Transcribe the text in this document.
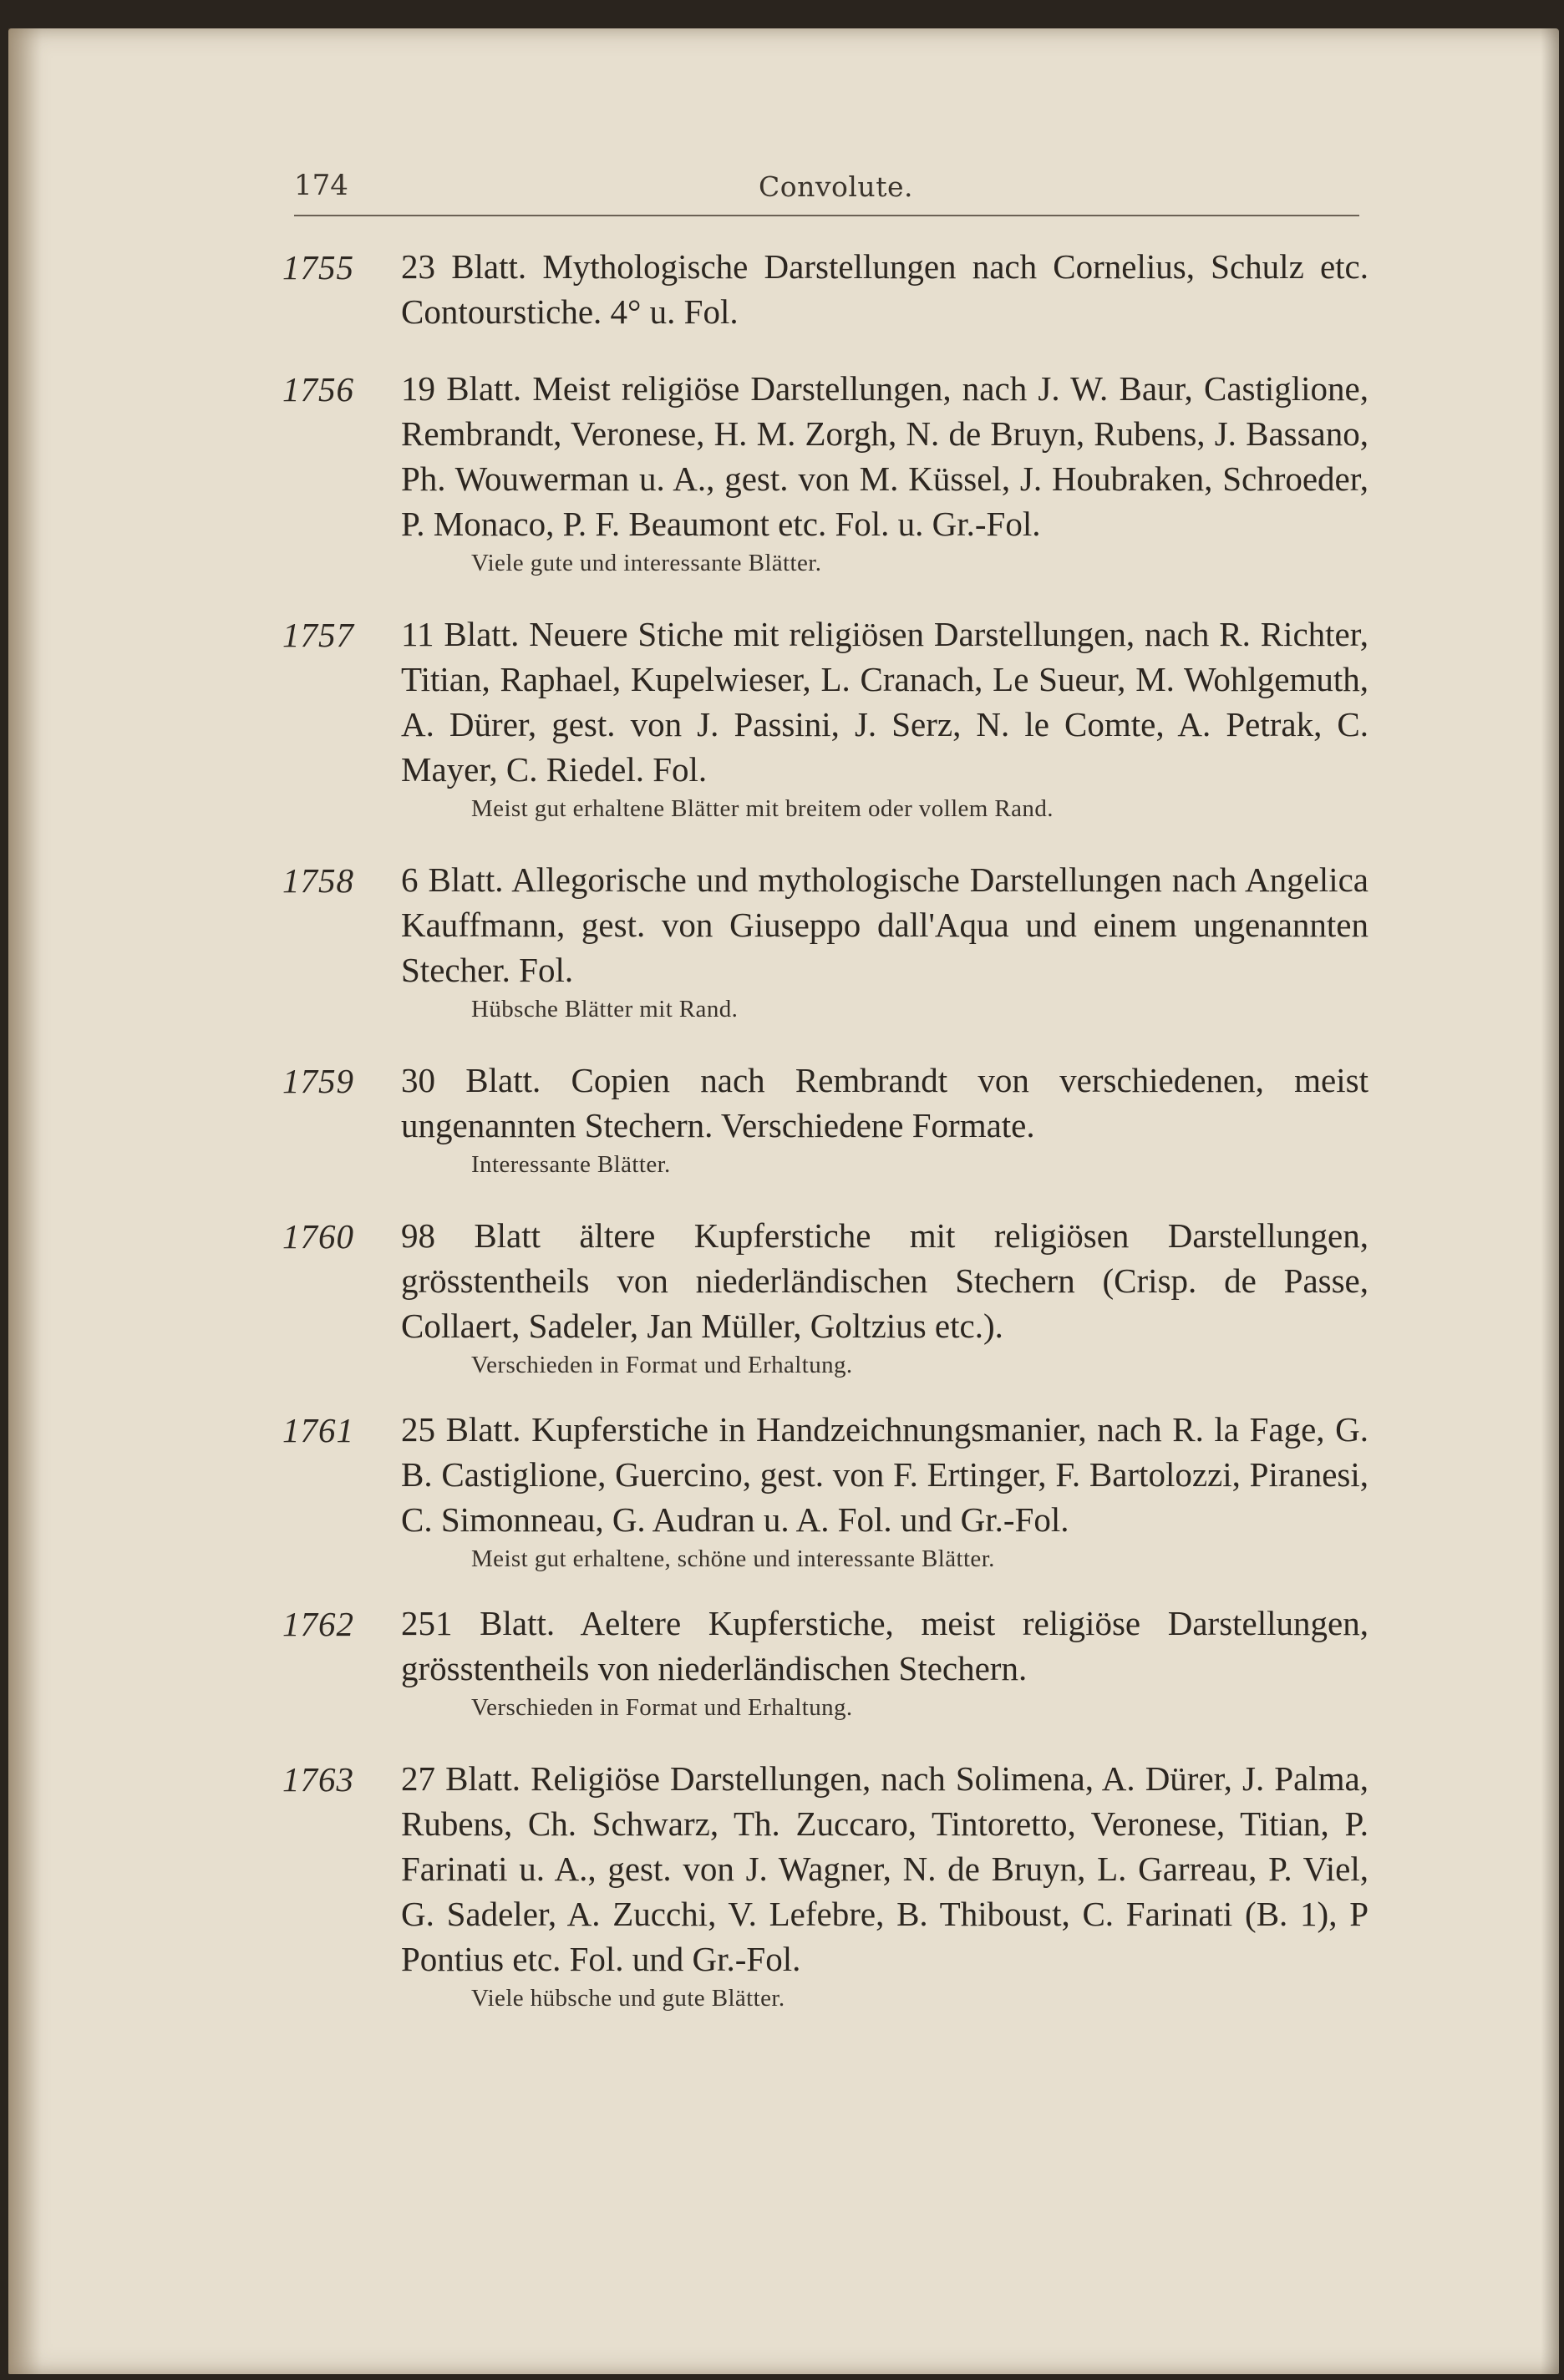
174	Convolute.
1755 23 Blatt. Mythologische Darstellungen nach Cornelius, Schulz etc. Contourstiche. 4° u. Fol.
1756 19 Blatt. Meist religiöse Darstellungen, nach J. W. Baur, Castiglione, Rembrandt, Veronese, H. M. Zorgh, N. de Bruyn, Rubens, J. Bassano, Ph. Wouwerman u. A., gest. von M. Küssel, J. Houbraken, Schroeder, P. Monaco, P. F. Beaumont etc. Fol. u. Gr.-Fol.
Viele gute und interessante Blätter.
1757 11 Blatt. Neuere Stiche mit religiösen Darstellungen, nach R. Richter, Titian, Raphael, Kupelwieser, L. Cranach, Le Sueur, M. Wohlgemuth, A. Dürer, gest. von J. Passini, J. Serz, N. le Comte, A. Petrak, C. Mayer, C. Riedel. Fol.
Meist gut erhaltene Blätter mit breitem oder vollem Rand.
1758 6 Blatt. Allegorische und mythologische Darstellungen nach Angelica Kauffmann, gest. von Giuseppo dall'Aqua und einem ungenannten Stecher. Fol.
Hübsche Blätter mit Rand.
1759 30 Blatt. Copien nach Rembrandt von verschiedenen, meist ungenannten Stechern. Verschiedene Formate.
Interessante Blätter.
1760 98 Blatt ältere Kupferstiche mit religiösen Darstellungen, grösstentheils von niederländischen Stechern (Crisp. de Passe, Collaert, Sadeler, Jan Müller, Goltzius etc.).
Verschieden in Format und Erhaltung.
1761 25 Blatt. Kupferstiche in Handzeichnungsmanier, nach R. la Fage, G. B. Castiglione, Guercino, gest. von F. Ertinger, F. Bartolozzi, Piranesi, C. Simonneau, G. Audran u. A. Fol. und Gr.-Fol.
Meist gut erhaltene, schöne und interessante Blätter.
1762 251 Blatt. Aeltere Kupferstiche, meist religiöse Darstellungen, grösstentheils von niederländischen Stechern.
Verschieden in Format und Erhaltung.
1763 27 Blatt. Religiöse Darstellungen, nach Solimena, A. Dürer, J. Palma, Rubens, Ch. Schwarz, Th. Zuccaro, Tintoretto, Veronese, Titian, P. Farinati u. A., gest. von J. Wagner, N. de Bruyn, L. Garreau, P. Viel, G. Sadeler, A. Zucchi, V. Lefebre, B. Thiboust, C. Farinati (B. 1), P Pontius etc. Fol. und Gr.-Fol.
Viele hübsche und gute Blätter.
